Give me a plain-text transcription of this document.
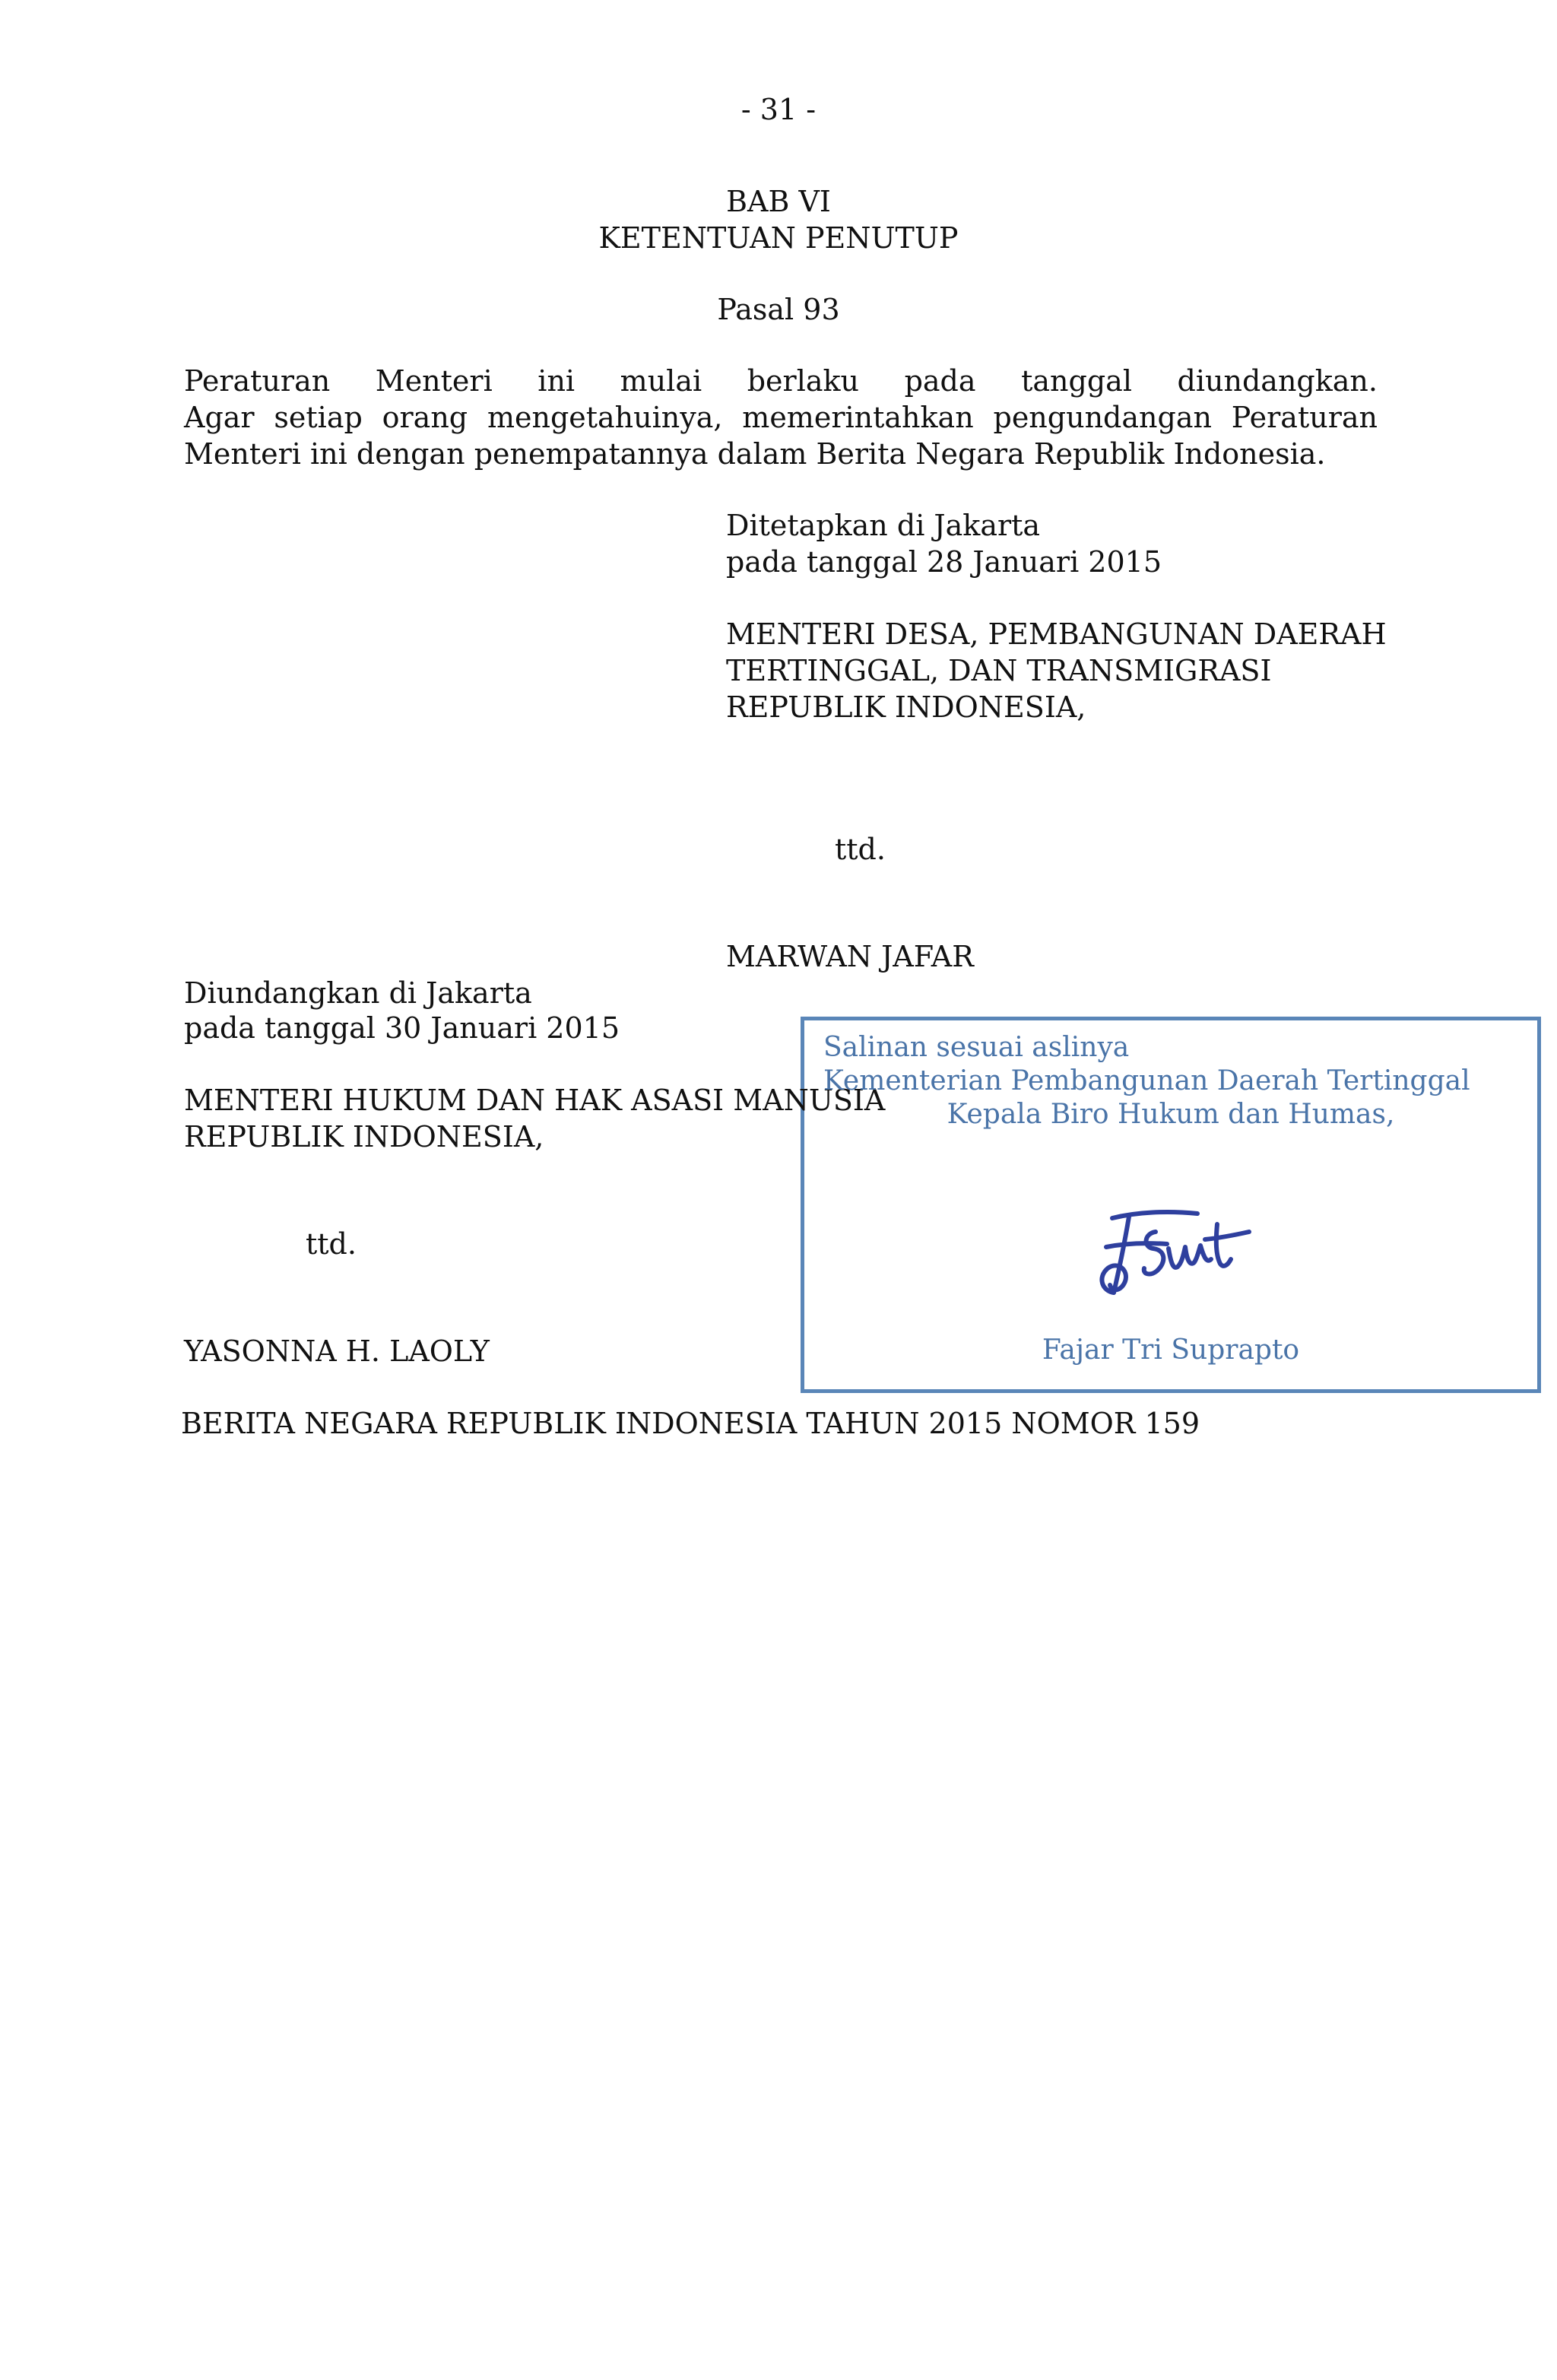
- 31 -
BAB VI
KETENTUAN PENUTUP
Pasal 93
Peraturan Menteri ini mulai berlaku pada tanggal diundangkan.
Agar setiap orang mengetahuinya, memerintahkan pengundangan Peraturan
Menteri ini dengan penempatannya dalam Berita Negara Republik Indonesia.
Ditetapkan di Jakarta
pada tanggal 28 Januari 2015
MENTERI DESA, PEMBANGUNAN DAERAH
TERTINGGAL, DAN TRANSMIGRASI
REPUBLIK INDONESIA,
ttd.
MARWAN JAFAR
Diundangkan di Jakarta
pada tanggal 30 Januari 2015
MENTERI HUKUM DAN HAK ASASI MANUSIA
REPUBLIK INDONESIA,
ttd.
YASONNA H. LAOLY
Salinan sesuai aslinya
Kementerian Pembangunan Daerah Tertinggal
Kepala Biro Hukum dan Humas,
Fajar Tri Suprapto
BERITA NEGARA REPUBLIK INDONESIA TAHUN 2015 NOMOR 159
